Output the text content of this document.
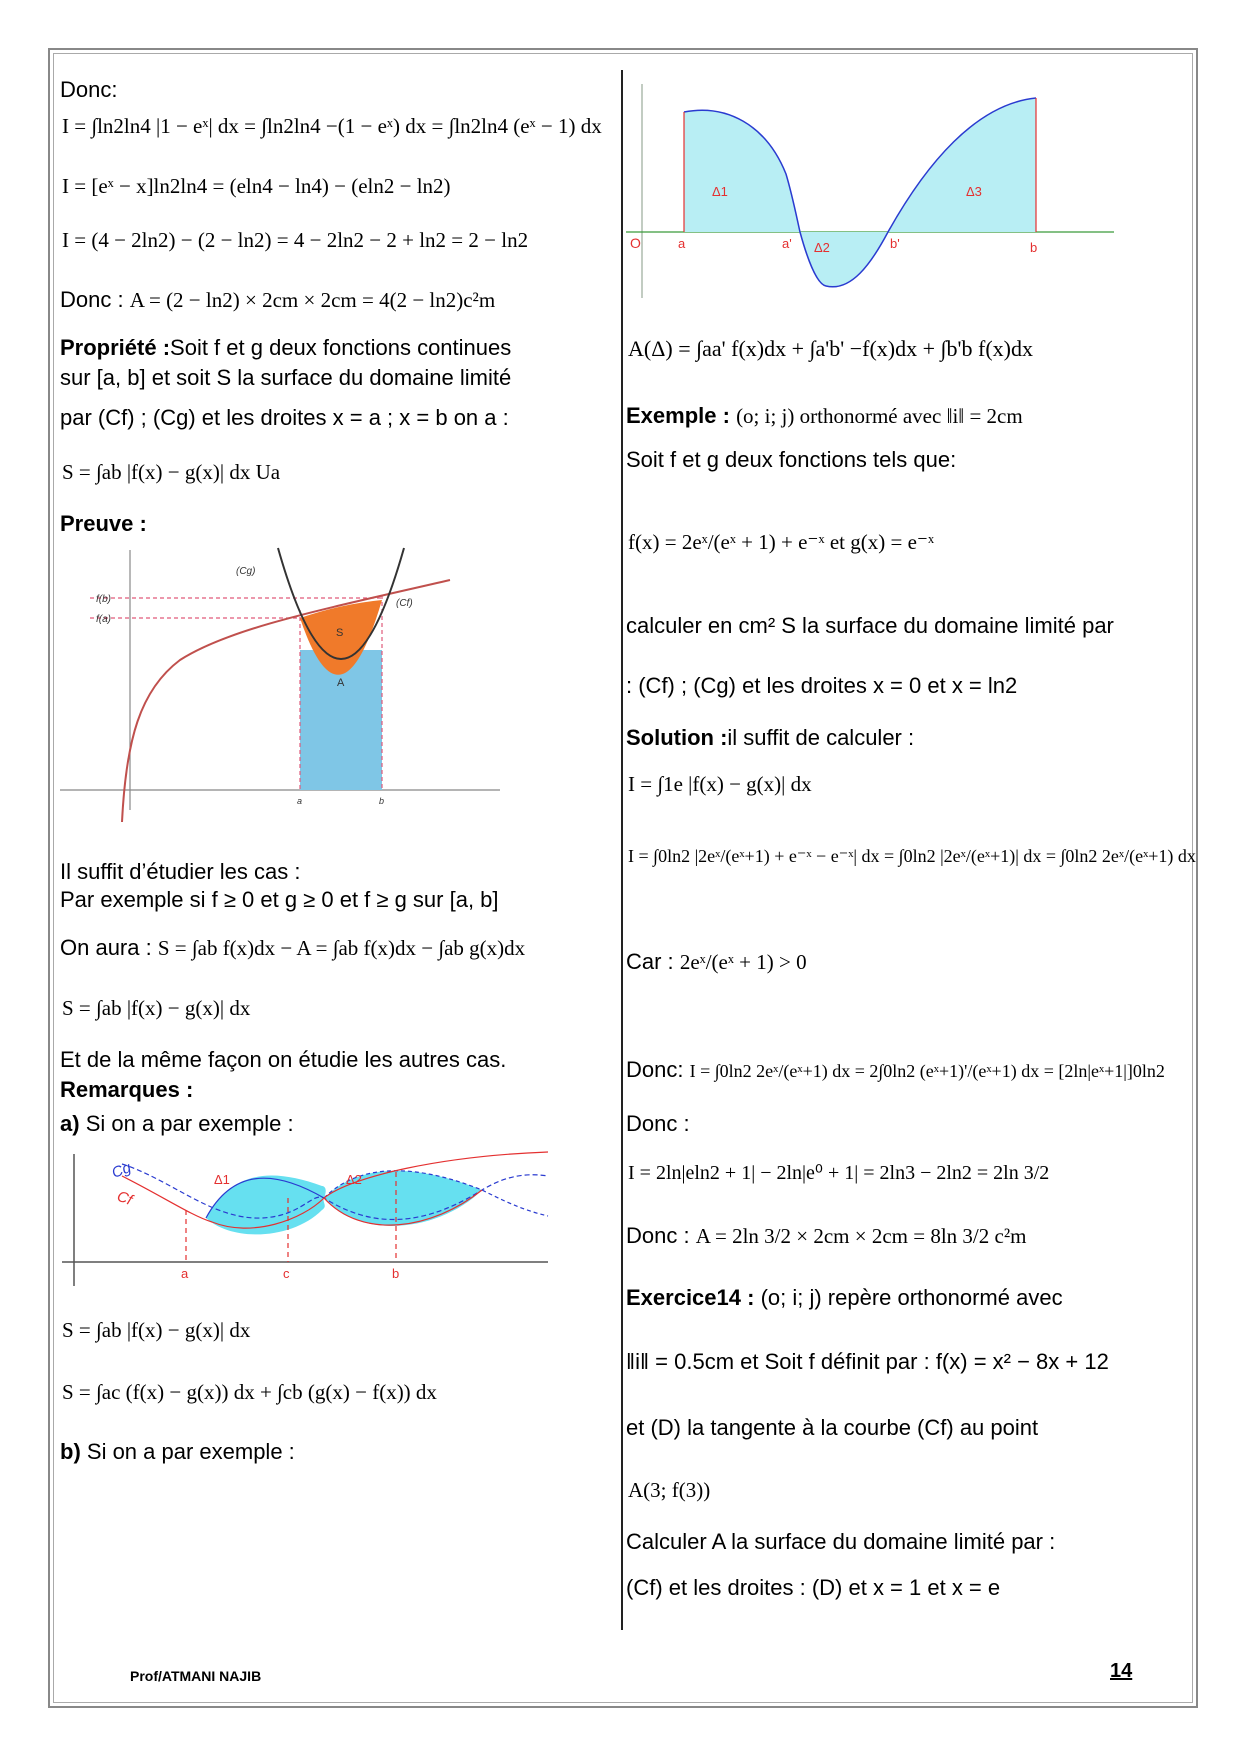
Donc:
I = ∫ln2ln4 |1 − eˣ| dx = ∫ln2ln4 −(1 − eˣ) dx = ∫ln2ln4 (eˣ − 1) dx
I = [eˣ − x]ln2ln4 = (eln4 − ln4) − (eln2 − ln2)
I = (4 − 2ln2) − (2 − ln2) = 4 − 2ln2 − 2 + ln2 = 2 − ln2
Donc : A = (2 − ln2) × 2cm × 2cm = 4(2 − ln2)c²m
Propriété :Soit f et g deux fonctions continues
sur [a, b] et soit S la surface du domaine limité
par (Cf) ; (Cg) et les droites x = a ; x = b on a :
S = ∫ab |f(x) − g(x)| dx Ua
Preuve :
f(b)
f(a)
(Cg)
(Cf)
S
A
a	b
Il suffit d’étudier les cas :
Par exemple si f ≥ 0 et g ≥ 0 et f ≥ g sur [a, b]
On aura : S = ∫ab f(x)dx − A = ∫ab f(x)dx − ∫ab g(x)dx
S = ∫ab |f(x) − g(x)| dx
Et de la même façon on étudie les autres cas.
Remarques :
a) Si on a par exemple :
Cg
Cf
Δ1	Δ2
a	c	b
S = ∫ab |f(x) − g(x)| dx
S = ∫ac (f(x) − g(x)) dx + ∫cb (g(x) − f(x)) dx
b) Si on a par exemple :
O	a	a' Δ2	b'	b
Δ1	Δ3
A(Δ) = ∫aa' f(x)dx + ∫a'b' −f(x)dx + ∫b'b f(x)dx
Exemple : (o; i; j) orthonormé avec ‖i‖ = 2cm
Soit f et g deux fonctions tels que:
f(x) = 2eˣ/(eˣ + 1) + e⁻ˣ et g(x) = e⁻ˣ
calculer en cm² S la surface du domaine limité par
: (Cf) ; (Cg) et les droites x = 0 et x = ln2
Solution :il suffit de calculer :
I = ∫1e |f(x) − g(x)| dx
I = ∫0ln2 |2eˣ/(eˣ+1) + e⁻ˣ − e⁻ˣ| dx = ∫0ln2 |2eˣ/(eˣ+1)| dx = ∫0ln2 2eˣ/(eˣ+1) dx
Car : 2eˣ/(eˣ + 1) > 0
Donc: I = ∫0ln2 2eˣ/(eˣ+1) dx = 2∫0ln2 (eˣ+1)'/(eˣ+1) dx = [2ln|eˣ+1|]0ln2
Donc :
I = 2ln|eln2 + 1| − 2ln|e⁰ + 1| = 2ln3 − 2ln2 = 2ln 3/2
Donc : A = 2ln 3/2 × 2cm × 2cm = 8ln 3/2 c²m
Exercice14 : (o; i; j) repère orthonormé avec
‖i‖ = 0.5cm et Soit f définit par : f(x) = x² − 8x + 12
et (D) la tangente à la courbe (Cf) au point
A(3; f(3))
Calculer A la surface du domaine limité par :
(Cf) et les droites : (D) et x = 1 et x = e
Prof/ATMANI NAJIB	14
